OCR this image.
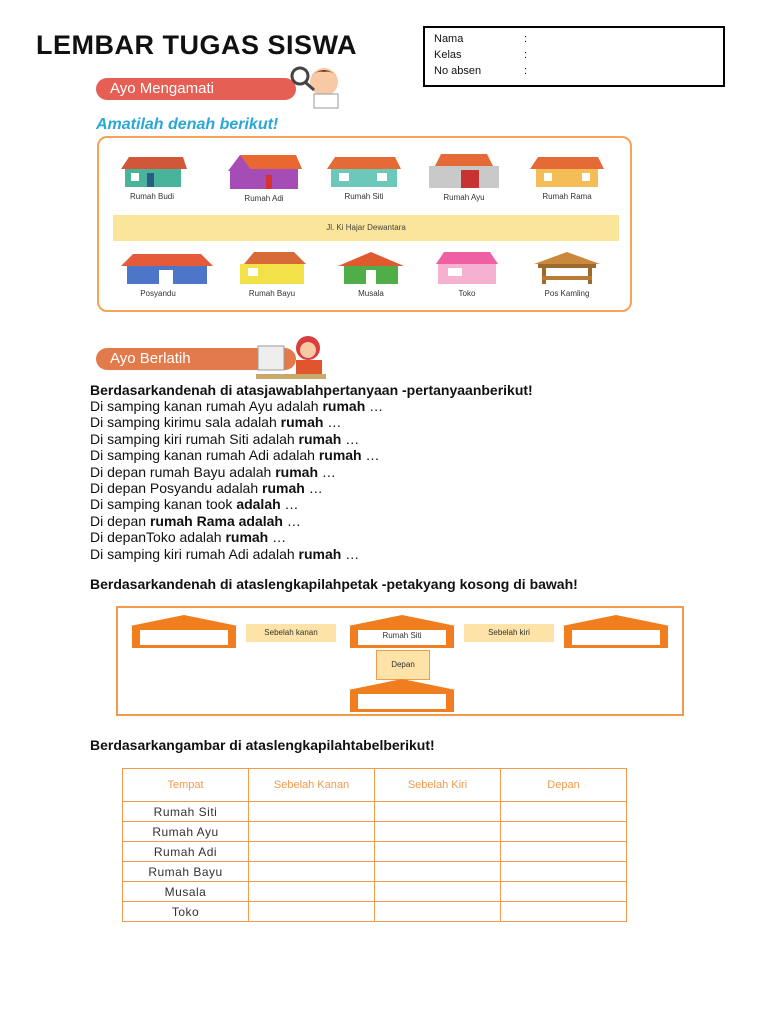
LEMBAR TUGAS SISWA	Nama	:
Kelas	:
No absen	:
Ayo Mengamati
Amatilah denah berikut!
Rumah Budi	Rumah Adi	Rumah Siti	Rumah Ayu	Rumah Rama
Jl. Ki Hajar Dewantara
Posyandu	Rumah Bayu	Musala	Toko	Pos Kamling
Ayo Berlatih
Berdasarkandenah di atasjawablahpertanyaan -pertanyaanberikut!
Di samping kanan rumah Ayu adalah rumah …
Di samping kirimu sala adalah rumah …
Di samping kiri rumah Siti adalah rumah …
Di samping kanan rumah Adi adalah rumah …
Di depan rumah Bayu adalah rumah …
Di depan Posyandu adalah rumah …
Di samping kanan took adalah …
Di depan rumah Rama adalah …
Di depanToko adalah rumah …
Di samping kiri rumah Adi adalah rumah …
Berdasarkandenah di ataslengkapilahpetak -petakyang kosong di bawah!
Sebelah kanan	Rumah Siti	Sebelah kiri
Depan
Berdasarkangambar di ataslengkapilahtabelberikut!
Tempat	Sebelah Kanan	Sebelah Kiri	Depan
Rumah Siti			
Rumah Ayu			
Rumah Adi			
Rumah Bayu			
Musala			
Toko			
